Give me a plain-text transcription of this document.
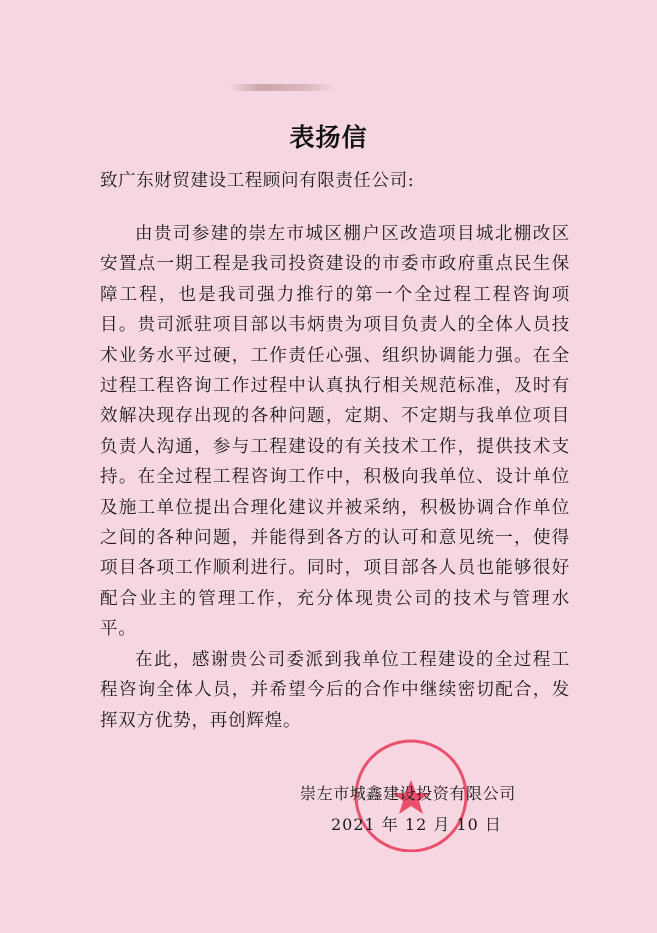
表扬信
致广东财贸建设工程顾问有限责任公司:

由贵司参建的崇左市城区棚户区改造项目城北棚改区安置点一期工程是我司投资建设的市委市政府重点民生保障工程，也是我司强力推行的第一个全过程工程咨询项目。贵司派驻项目部以韦炳贵为项目负责人的全体人员技术业务水平过硬，工作责任心强、组织协调能力强。在全过程工程咨询工作过程中认真执行相关规范标准，及时有效解决现存出现的各种问题，定期、不定期与我单位项目负责人沟通，参与工程建设的有关技术工作，提供技术支持。在全过程工程咨询工作中，积极向我单位、设计单位及施工单位提出合理化建议并被采纳，积极协调合作单位之间的各种问题，并能得到各方的认可和意见统一，使得项目各项工作顺利进行。同时，项目部各人员也能够很好配合业主的管理工作，充分体现贵公司的技术与管理水平。

在此，感谢贵公司委派到我单位工程建设的全过程工程咨询全体人员，并希望今后的合作中继续密切配合，发挥双方优势，再创辉煌。

崇左市城鑫建设投资有限公司
2021 年 12 月 10 日
